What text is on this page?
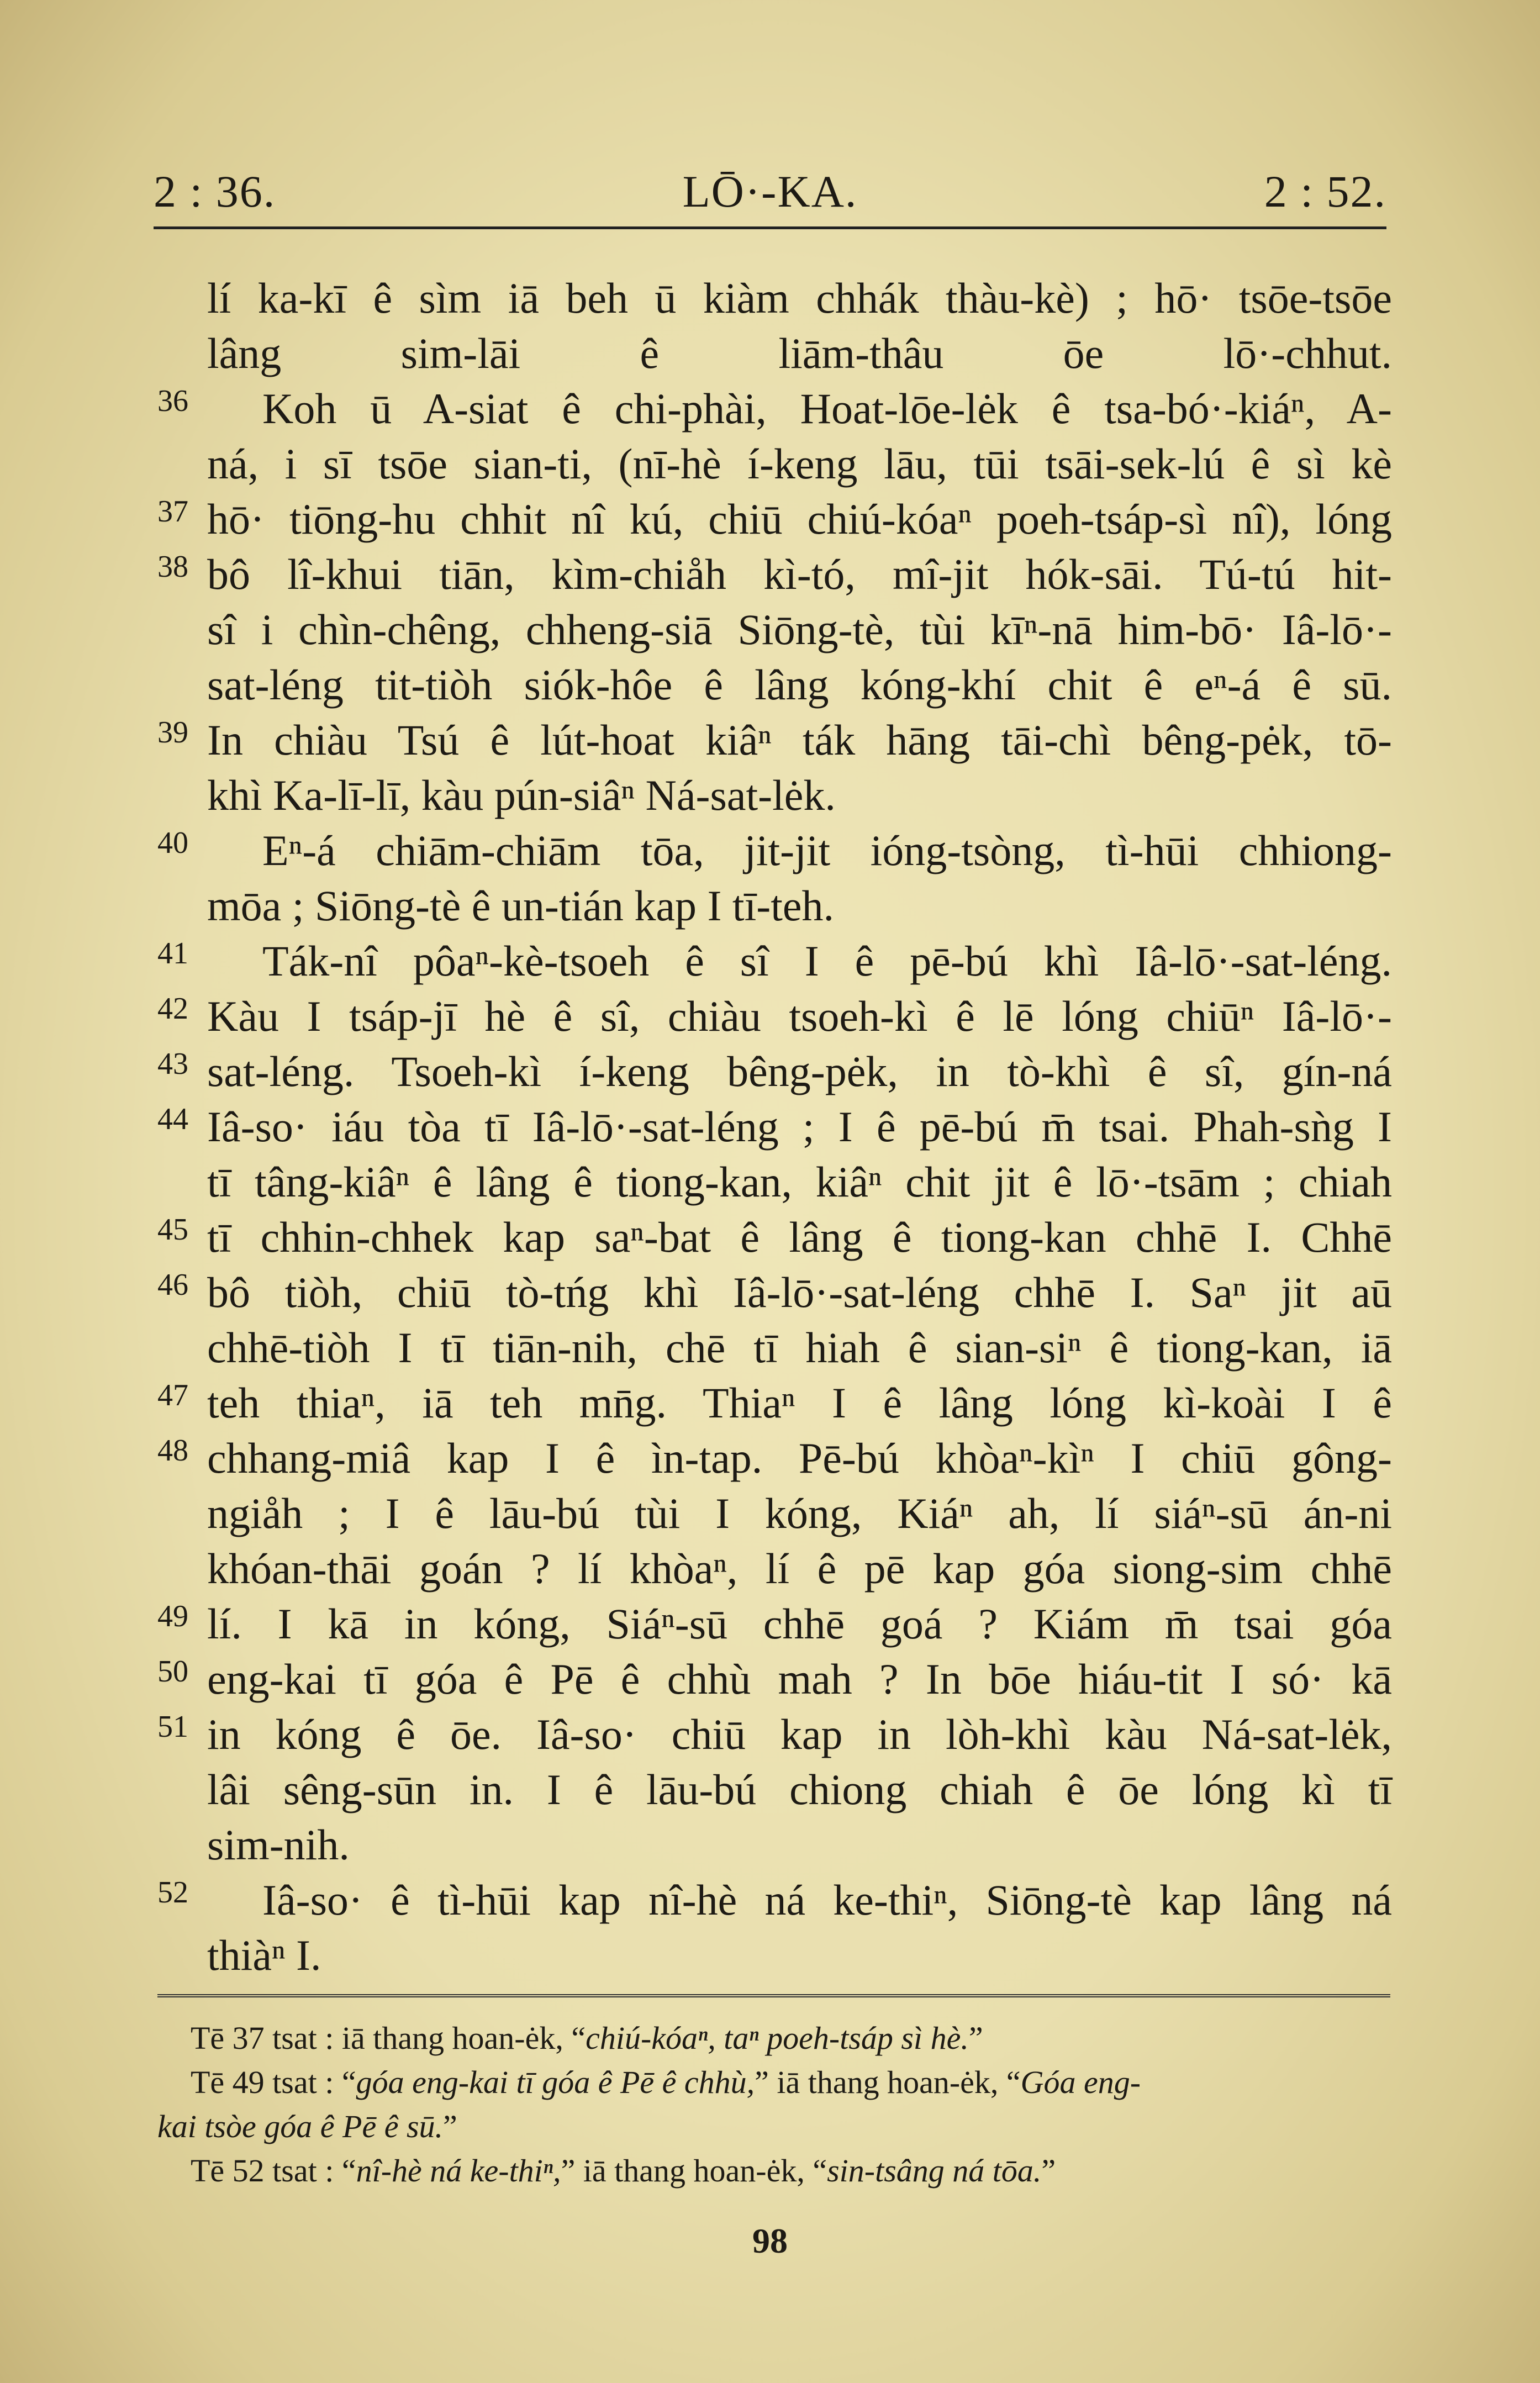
2 : 36.	LŌ·-KA.	2 : 52.
lí ka-kī ê sìm iā beh ū kiàm chhák thàu-kè) ; hō· tsōe-tsōe
lâng sim-lāi ê liām-thâu ōe lō·-chhut.
36 Koh ū A-siat ê chi-phài, Hoat-lōe-lėk ê tsa-bó·-kiáⁿ, A-
ná, i sī tsōe sian-ti, (nī-hè í-keng lāu, tūi tsāi-sek-lú ê sì kè
37 hō· tiōng-hu chhit nî kú, chiū chiú-kóaⁿ poeh-tsáp-sì nî), lóng
38 bô lî-khui tiān, kìm-chiåh kì-tó, mî-jit hók-sāi. Tú-tú hit-
sî i chìn-chêng, chheng-siā Siōng-tè, tùi kīⁿ-nā him-bō· Iâ-lō·-
sat-léng tit-tiòh siók-hôe ê lâng kóng-khí chit ê eⁿ-á ê sū.
39 In chiàu Tsú ê lút-hoat kiâⁿ ták hāng tāi-chì bêng-pėk, tō-
khì Ka-lī-lī, kàu pún-siâⁿ Ná-sat-lėk.
40 Eⁿ-á chiām-chiām tōa, jit-jit ióng-tsòng, tì-hūi chhiong-
mōa ; Siōng-tè ê un-tián kap I tī-teh.
41 Ták-nî pôaⁿ-kè-tsoeh ê sî I ê pē-bú khì Iâ-lō·-sat-léng.
42 Kàu I tsáp-jī hè ê sî, chiàu tsoeh-kì ê lē lóng chiūⁿ Iâ-lō·-
43 sat-léng. Tsoeh-kì í-keng bêng-pėk, in tò-khì ê sî, gín-ná
44 Iâ-so· iáu tòa tī Iâ-lō·-sat-léng ; I ê pē-bú m̄ tsai. Phah-sǹg I
tī tâng-kiâⁿ ê lâng ê tiong-kan, kiâⁿ chit jit ê lō·-tsām ; chiah
45 tī chhin-chhek kap saⁿ-bat ê lâng ê tiong-kan chhē I. Chhē
46 bô tiòh, chiū tò-tńg khì Iâ-lō·-sat-léng chhē I. Saⁿ jit aū
chhē-tiòh I tī tiān-nih, chē tī hiah ê sian-siⁿ ê tiong-kan, iā
47 teh thiaⁿ, iā teh mn̄g. Thiaⁿ I ê lâng lóng kì-koài I ê
48 chhang-miâ kap I ê ìn-tap. Pē-bú khòaⁿ-kìⁿ I chiū gông-
ngiåh ; I ê lāu-bú tùi I kóng, Kiáⁿ ah, lí siáⁿ-sū án-ni
khóan-thāi goán ? lí khòaⁿ, lí ê pē kap góa siong-sim chhē
49 lí. I kā in kóng, Siáⁿ-sū chhē goá ? Kiám m̄ tsai góa
50 eng-kai tī góa ê Pē ê chhù mah ? In bōe hiáu-tit I só· kā
51 in kóng ê ōe. Iâ-so· chiū kap in lòh-khì kàu Ná-sat-lėk,
lâi sêng-sūn in. I ê lāu-bú chiong chiah ê ōe lóng kì tī
sim-nih.
52 Iâ-so· ê tì-hūi kap nî-hè ná ke-thiⁿ, Siōng-tè kap lâng ná
thiàⁿ I.
Tē 37 tsat : iā thang hoan-ėk, “chiú-kóaⁿ, taⁿ poeh-tsáp sì hè.”
Tē 49 tsat : “góa eng-kai tī góa ê Pē ê chhù,” iā thang hoan-ėk, “Góa eng-
kai tsòe góa ê Pē ê sū.”
Tē 52 tsat : “nî-hè ná ke-thiⁿ,” iā thang hoan-ėk, “sin-tsâng ná tōa.”
98
